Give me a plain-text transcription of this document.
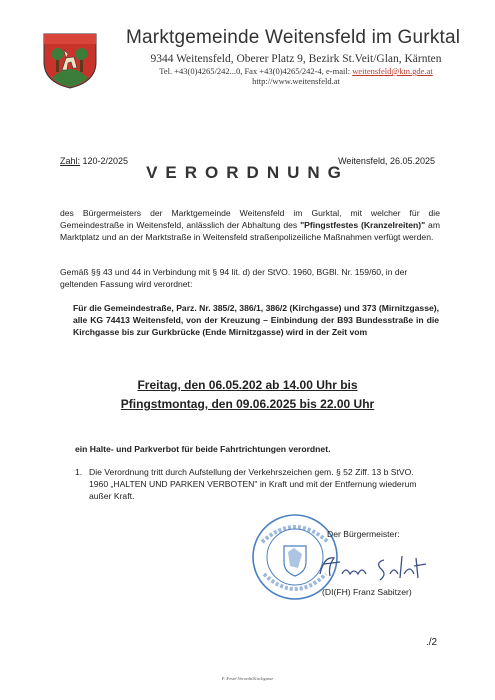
Marktgemeinde Weitensfeld im Gurktal
9344 Weitensfeld, Oberer Platz 9, Bezirk St.Veit/Glan, Kärnten
Tel. +43(0)4265/242...0, Fax +43(0)4265/242-4, e-mail: weitensfeld@ktn.gde.at
http://www.weitensfeld.at
Zahl: 120-2/2025	Weitensfeld, 26.05.2025
VERORDNUNG
des Bürgermeisters der Marktgemeinde Weitensfeld im Gurktal, mit welcher für die Gemeindestraße in Weitensfeld, anlässlich der Abhaltung des "Pfingstfestes (Kranzelreiten)" am Marktplatz und an der Marktstraße in Weitensfeld straßenpolizeiliche Maßnahmen verfügt werden.
Gemäß §§ 43 und 44 in Verbindung mit § 94 lit. d) der StVO. 1960, BGBl. Nr. 159/60, in der geltenden Fassung wird verordnet:
Für die Gemeindestraße, Parz. Nr. 385/2, 386/1, 386/2 (Kirchgasse) und 373 (Mirnitzgasse), alle KG 74413 Weitensfeld, von der Kreuzung – Einbindung der B93 Bundesstraße in die Kirchgasse bis zur Gurkbrücke (Ende Mirnitzgasse) wird in der Zeit vom
Freitag, den 06.05.202 ab 14.00 Uhr bis
Pfingstmontag, den 09.06.2025 bis 22.00 Uhr
ein Halte- und Parkverbot für beide Fahrtrichtungen verordnet.
1. Die Verordnung tritt durch Aufstellung der Verkehrszeichen gem. § 52 Ziff. 13 b StVO. 1960 „HALTEN UND PARKEN VERBOTEN" in Kraft und mit der Entfernung wiederum außer Kraft.
Der Bürgermeister:
(DI(FH) Franz Sabitzer)
./2
F:\Feste\Verordn\Kirchgasse
